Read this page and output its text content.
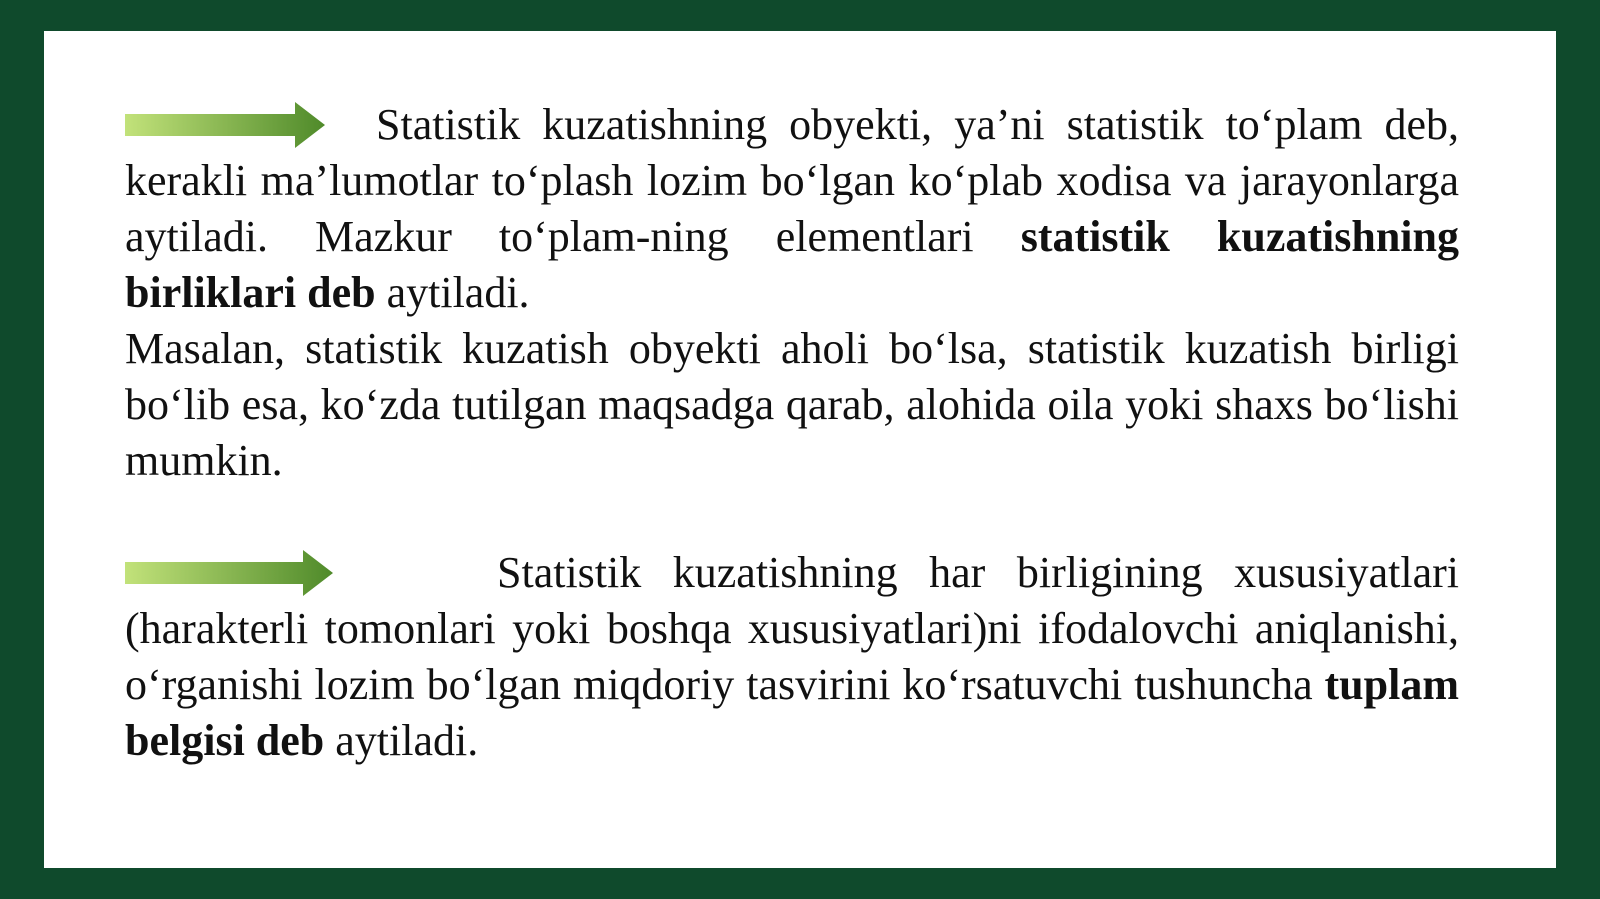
Statistik kuzatishning obyekti, ya’ni statistik to‘plam deb, kerakli ma’lumotlar to‘plash lozim bo‘lgan ko‘plab xodisa va jarayonlarga aytiladi. Mazkur to‘plam-ning elementlari statistik kuzatishning birliklari deb aytiladi.

Masalan, statistik kuzatish obyekti aholi bo‘lsa, statistik kuzatish birligi bo‘lib esa, ko‘zda tutilgan maqsadga qarab, alohida oila yoki shaxs bo‘lishi mumkin.

Statistik kuzatishning har birligining xususiyatlari (harakterli tomonlari yoki boshqa xususiyatlari)ni ifodalovchi aniqlanishi, o‘rganishi lozim bo‘lgan miqdoriy tasvirini ko‘rsatuvchi tushuncha tuplam belgisi deb aytiladi.
